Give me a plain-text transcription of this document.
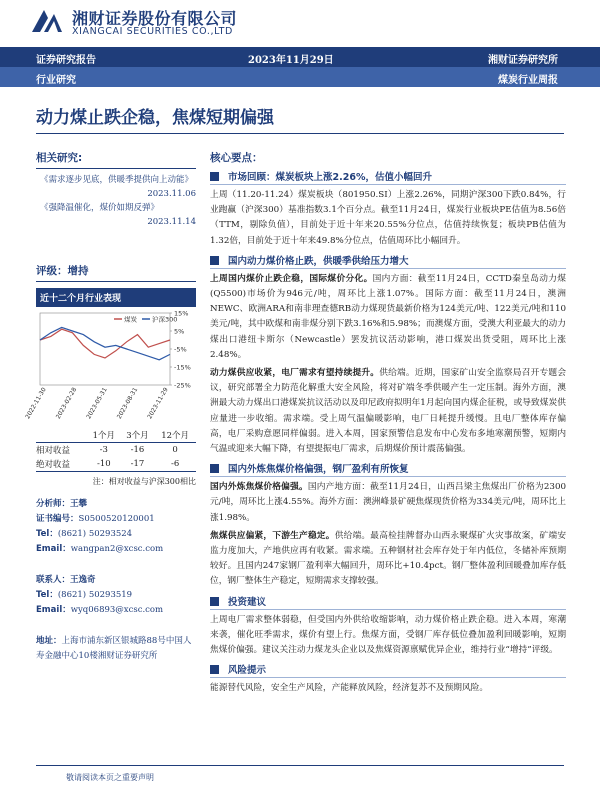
湘财证券股份有限公司
XIANGCAI SECURITIES CO.,LTD
证券研究报告	2023年11月29日	湘财证券研究所
行业研究	煤炭行业周报
动力煤止跌企稳，焦煤短期偏强
相关研究:
《需求逐步见底，供暖季提供向上动能》
2023.11.06
《强降温催化，煤价如期反弹》
2023.11.14
评级：增持
近十二个月行业表现
15%
5%
-5%
-15%
-25%
煤炭 沪深300
2022-11-30 2023-02-28 2023-05-31 2023-08-31 2023-11-29
	1个月	3个月	12个月
相对收益	-3	-16	0
绝对收益	-10	-17	-6
注：相对收益与沪深300相比
分析师：王攀
证书编号：S0500520120001
Tel：(8621) 50293524
Email：wangpan2@xcsc.com
联系人：王逸奇
Tel：(8621) 50293519
Email：wyq06893@xcsc.com
地址：上海市浦东新区银城路88号中国人寿金融中心10楼湘财证券研究所
核心要点：
市场回顾：煤炭板块上涨2.26%，估值小幅回升
上周（11.20-11.24）煤炭板块（801950.SI）上涨2.26%，同期沪深300下跌0.84%，行业跑赢（沪深300）基准指数3.1个百分点。截至11月24日，煤炭行业板块PE估值为8.56倍（TTM，剔除负值），目前处于近十年来20.55%分位点，估值持续恢复；板块PB估值为1.32倍，目前处于近十年来49.8%分位点，估值周环比小幅回升。
国内动力煤价格止跌，供暖季供给压力增大
上周国内煤价止跌企稳，国际煤价分化。国内方面：截至11月24日，CCTD秦皇岛动力煤(Q5500)市场价为946元/吨，周环比上涨1.07%。国际方面：截至11月24日，澳洲NEWC、欧洲ARA和南非理查德RB动力煤现货最新价格为124美元/吨、122美元/吨和110美元/吨，其中欧煤和南非煤分别下跌3.16%和5.98%；而澳煤方面，受澳大利亚最大的动力煤出口港纽卡斯尔（Newcastle）罢发抗议活动影响，港口煤炭出货受阻，周环比上涨2.48%。
动力煤供应收紧，电厂需求有望持续提升。供给端。近期，国家矿山安全监察局召开专题会议，研究部署全力防范化解重大安全风险，将对矿端冬季供暖产生一定压制。海外方面，澳洲最大动力煤出口港煤炭抗议活动以及印尼政府拟明年1月起向国内煤企征税，或导致煤炭供应量进一步收缩。需求端。受上周气温偏暖影响，电厂日耗提升缓慢。且电厂整体库存偏高，电厂采购意愿同样偏弱。进入本周，国家预警信息发布中心发布多地寒潮预警，短期内气温或迎来大幅下降，有望提振电厂需求，后期煤价预计震荡偏强。
国内外炼焦煤价格偏强，钢厂盈利有所恢复
国内外炼焦煤价格偏强。国内产地方面：截至11月24日，山西吕梁主焦煤出厂价格为2300元/吨，周环比上涨4.55%。海外方面：澳洲峰景矿硬焦煤现货价格为334美元/吨，周环比上涨1.98%。
焦煤供应偏紧，下游生产稳定。供给端。最高检挂牌督办山西永聚煤矿火灾事故案，矿端安监力度加大，产地供应再有收紧。需求端。五种钢材社会库存处于年内低位，冬储补库预期较好。且国内247家钢厂盈利率大幅回升，周环比+10.4pct。钢厂整体盈利回暖叠加库存低位，钢厂整体生产稳定，短期需求支撑较强。
投资建议
上周电厂需求整体弱稳，但受国内外供给收缩影响，动力煤价格止跌企稳。进入本周，寒潮来袭，催化旺季需求，煤价有望上行。焦煤方面，受钢厂库存低位叠加盈利回暖影响，短期焦煤价偏强。建议关注动力煤龙头企业以及焦煤资源禀赋优异企业，维持行业“增持”评级。
风险提示
能源替代风险，安全生产风险，产能释放风险，经济复苏不及预期风险。
敬请阅读本页之重要声明
